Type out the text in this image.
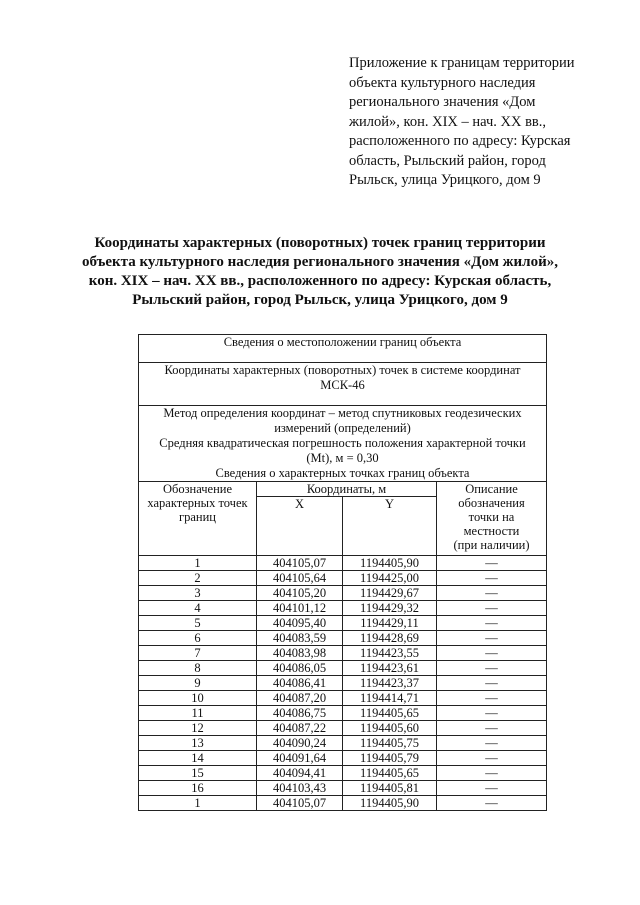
Приложение к границам территории
объекта культурного наследия
регионального значения «Дом
жилой», кон. XIX – нач. XX вв.,
расположенного по адресу: Курская
область, Рыльский район, город
Рыльск, улица Урицкого, дом 9
Координаты характерных (поворотных) точек границ территории
объекта культурного наследия регионального значения «Дом жилой»,
кон. XIX – нач. XX вв., расположенного по адресу: Курская область,
Рыльский район, город Рыльск, улица Урицкого, дом 9
Сведения о местоположении границ объекта			
Координаты характерных (поворотных) точек в системе координат МСК-46			

Метод определения координат – метод спутниковых геодезических
измерений (определений)
Средняя квадратическая погрешность положения характерной точки
(Mt), м = 0,30
Сведения о характерных точках границ объекта			

Обозначение
характерных точек
границ	Координаты, м		Описание
обозначения
точки на
местности
(при наличии)

	X	Y	
1	404105,07	1194405,90	—
2	404105,64	1194425,00	—
3	404105,20	1194429,67	—
4	404101,12	1194429,32	—
5	404095,40	1194429,11	—
6	404083,59	1194428,69	—
7	404083,98	1194423,55	—
8	404086,05	1194423,61	—
9	404086,41	1194423,37	—
10	404087,20	1194414,71	—
11	404086,75	1194405,65	—
12	404087,22	1194405,60	—
13	404090,24	1194405,75	—
14	404091,64	1194405,79	—
15	404094,41	1194405,65	—
16	404103,43	1194405,81	—
1	404105,07	1194405,90	—
